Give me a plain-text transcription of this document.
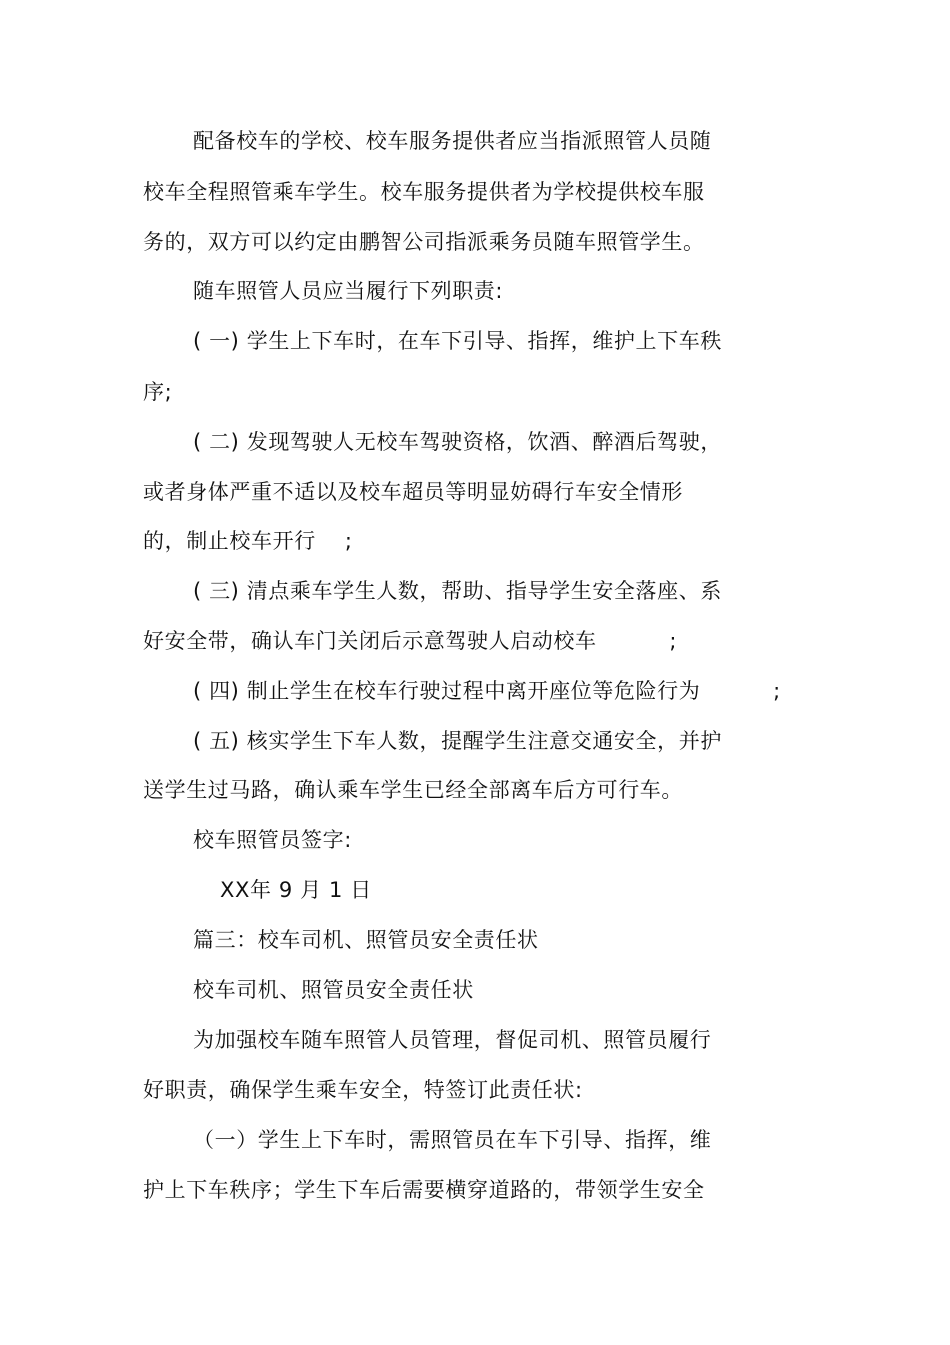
配备校车的学校、校车服务提供者应当指派照管人员随
校车全程照管乘车学生。校车服务提供者为学校提供校车服
务的，双方可以约定由鹏智公司指派乘务员随车照管学生。
随车照管人员应当履行下列职责:
( 一) 学生上下车时，在车下引导、指挥，维护上下车秩
序;
( 二) 发现驾驶人无校车驾驶资格，饮酒、醉酒后驾驶，
或者身体严重不适以及校车超员等明显妨碍行车安全情形
的，制止校车开行    ;
( 三) 清点乘车学生人数，帮助、指导学生安全落座、系
好安全带，确认车门关闭后示意驾驶人启动校车          ;
( 四) 制止学生在校车行驶过程中离开座位等危险行为          ;
( 五) 核实学生下车人数，提醒学生注意交通安全，并护
送学生过马路，确认乘车学生已经全部离车后方可行车。
校车照管员签字:
XX年 9 月 1 日
篇三：校车司机、照管员安全责任状
校车司机、照管员安全责任状
为加强校车随车照管人员管理，督促司机、照管员履行
好职责，确保学生乘车安全，特签订此责任状:
（一）学生上下车时，需照管员在车下引导、指挥，维
护上下车秩序；学生下车后需要横穿道路的，带领学生安全
